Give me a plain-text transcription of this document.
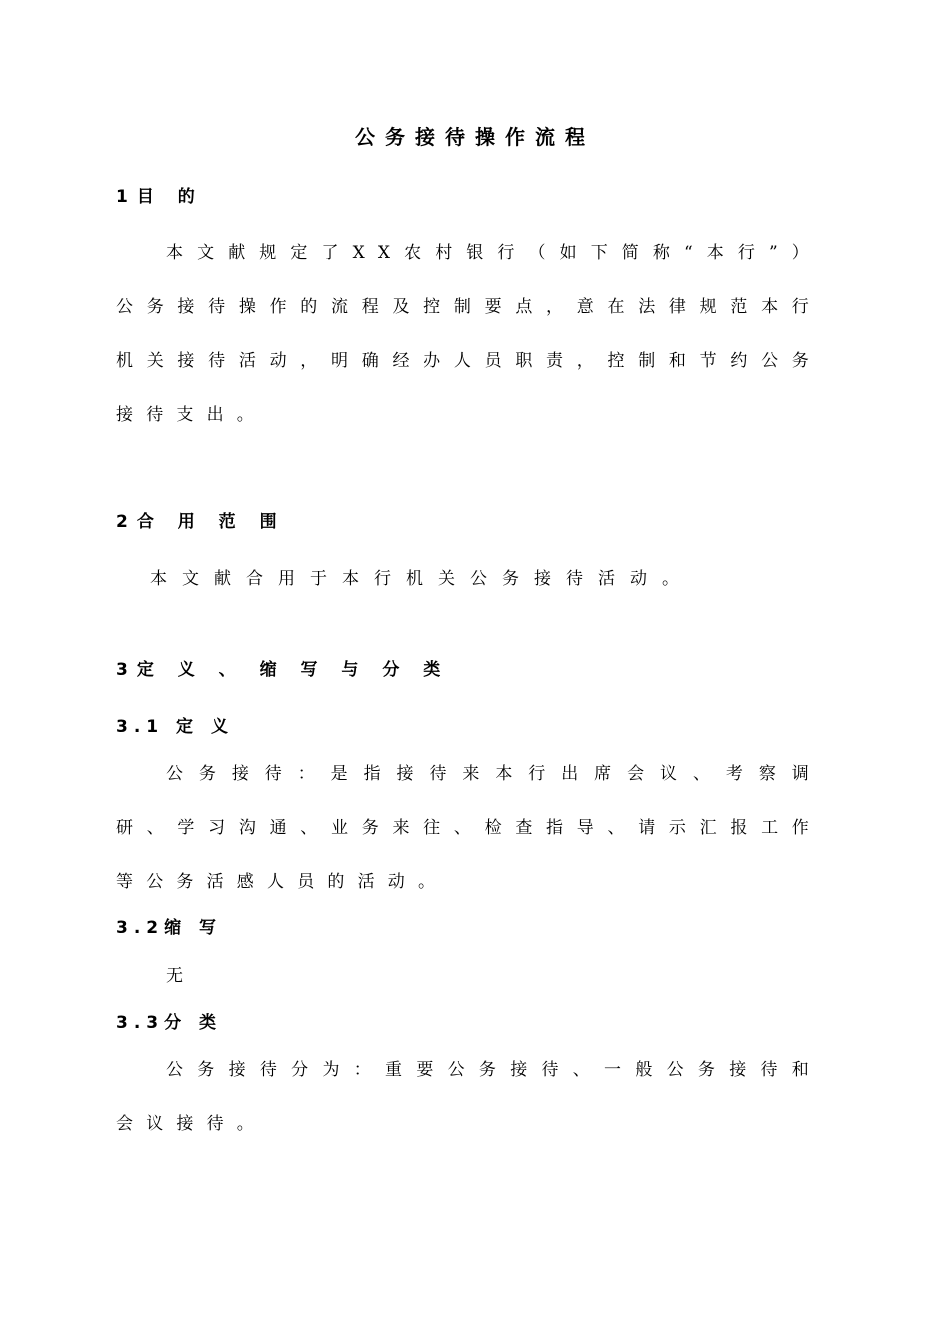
公务接待操作流程
1目 的
本文献规定了XX农村银行（如下简称“本行”）公务接待操作的流程及控制要点，意在法律规范本行机关接待活动，明确经办人员职责，控制和节约公务接待支出。
2合 用 范 围
本文献合用于本行机关公务接待活动。
3定 义 、 缩 写 与 分 类
3.1 定 义
公务接待：是指接待来本行出席会议、考察调研、学习沟通、业务来往、检查指导、请示汇报工作等公务活感人员的活动。
3.2缩 写
无
3.3分 类
公务接待分为：重要公务接待、一般公务接待和会议接待。
